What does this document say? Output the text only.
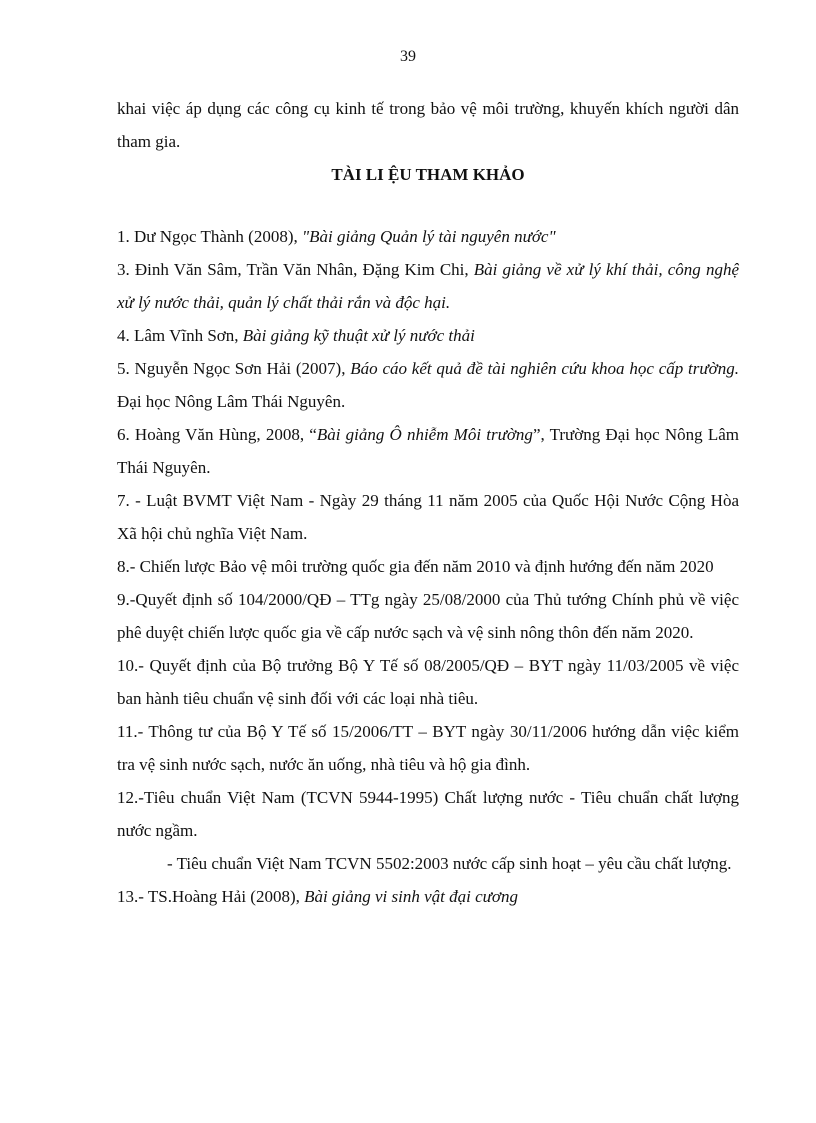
39

khai việc áp dụng các công cụ kinh tế trong bảo vệ môi trường, khuyến khích người dân tham gia.

TÀI LI ỆU THAM KHẢO

1. Dư Ngọc Thành (2008), "Bài giảng Quản lý tài nguyên nước"

3. Đinh Văn Sâm, Trần Văn Nhân, Đặng Kim Chi, Bài giảng về xử lý khí thải, công nghệ xử lý nước thải, quản lý chất thải rắn và độc hại.

4. Lâm Vĩnh Sơn, Bài giảng kỹ thuật xử lý nước thải

5. Nguyễn Ngọc Sơn Hải (2007), Báo cáo kết quả đề tài nghiên cứu khoa học cấp trường. Đại học Nông Lâm Thái Nguyên.

6. Hoàng Văn Hùng, 2008, “Bài giảng Ô nhiễm Môi trường”, Trường Đại học Nông Lâm Thái Nguyên.

7. - Luật BVMT Việt Nam - Ngày 29 tháng 11 năm 2005 của Quốc Hội Nước Cộng Hòa Xã hội chủ nghĩa Việt Nam.

8.- Chiến lược Bảo vệ môi trường quốc gia đến năm 2010 và định hướng đến năm 2020

9.-Quyết định số 104/2000/QĐ – TTg ngày 25/08/2000 của Thủ tướng Chính phủ về việc phê duyệt chiến lược quốc gia về cấp nước sạch và vệ sinh nông thôn đến năm 2020.

10.- Quyết định của Bộ trưởng Bộ Y Tế số 08/2005/QĐ – BYT ngày 11/03/2005 về việc ban hành tiêu chuẩn vệ sinh đối với các loại nhà tiêu.

11.- Thông tư của Bộ Y Tế số 15/2006/TT – BYT ngày 30/11/2006 hướng dẫn việc kiểm tra vệ sinh nước sạch, nước ăn uống, nhà tiêu và hộ gia đình.

12.-Tiêu chuẩn Việt Nam (TCVN 5944-1995) Chất lượng nước - Tiêu chuẩn chất lượng nước ngầm.

- Tiêu chuẩn Việt Nam TCVN 5502:2003 nước cấp sinh hoạt – yêu cầu chất lượng.

13.- TS.Hoàng Hải (2008), Bài giảng vi sinh vật đại cương
